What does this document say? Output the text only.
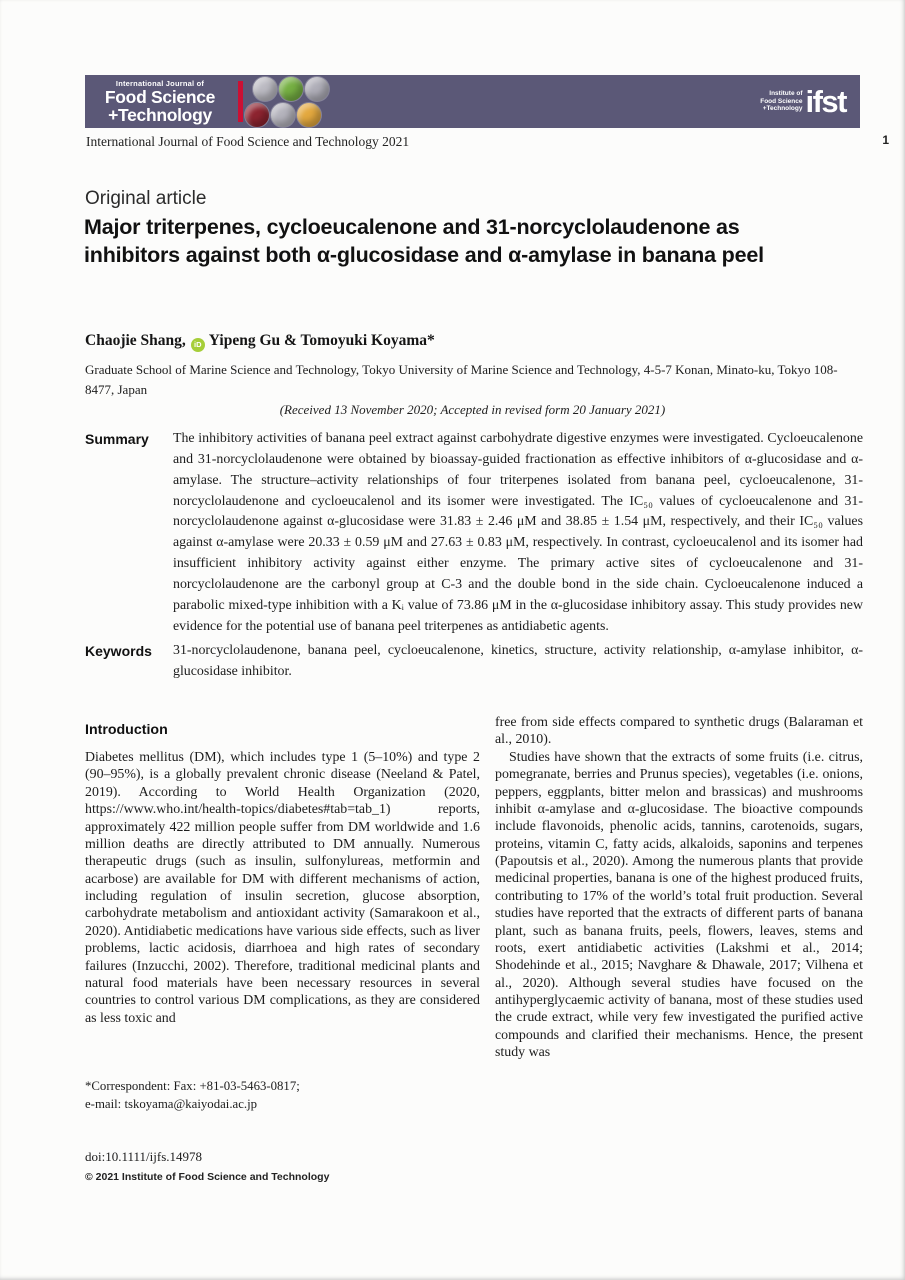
International Journal of
Food Science
+Technology
Institute of
Food Science
+Technology ifst
International Journal of Food Science and Technology 2021	1
Original article
Major triterpenes, cycloeucalenone and 31-norcyclolaudenone as inhibitors against both α-glucosidase and α-amylase in banana peel
Chaojie Shang, iD Yipeng Gu & Tomoyuki Koyama*
Graduate School of Marine Science and Technology, Tokyo University of Marine Science and Technology, 4-5-7 Konan, Minato-ku, Tokyo 108-8477, Japan
(Received 13 November 2020; Accepted in revised form 20 January 2021)
Summary	The inhibitory activities of banana peel extract against carbohydrate digestive enzymes were investigated. Cycloeucalenone and 31-norcyclolaudenone were obtained by bioassay-guided fractionation as effective inhibitors of α-glucosidase and α-amylase. The structure–activity relationships of four triterpenes isolated from banana peel, cycloeucalenone, 31-norcyclolaudenone and cycloeucalenol and its isomer were investigated. The IC₅₀ values of cycloeucalenone and 31-norcyclolaudenone against α-glucosidase were 31.83 ± 2.46 μM and 38.85 ± 1.54 μM, respectively, and their IC₅₀ values against α-amylase were 20.33 ± 0.59 μM and 27.63 ± 0.83 μM, respectively. In contrast, cycloeucalenol and its isomer had insufficient inhibitory activity against either enzyme. The primary active sites of cycloeucalenone and 31-norcyclolaudenone are the carbonyl group at C-3 and the double bond in the side chain. Cycloeucalenone induced a parabolic mixed-type inhibition with a Kᵢ value of 73.86 μM in the α-glucosidase inhibitory assay. This study provides new evidence for the potential use of banana peel triterpenes as antidiabetic agents.
Keywords	31-norcyclolaudenone, banana peel, cycloeucalenone, kinetics, structure, activity relationship, α-amylase inhibitor, α-glucosidase inhibitor.
Introduction

Diabetes mellitus (DM), which includes type 1 (5–10%) and type 2 (90–95%), is a globally prevalent chronic disease (Neeland & Patel, 2019). According to World Health Organization (2020, https://www.who.int/health-topics/diabetes#tab=tab_1) reports, approximately 422 million people suffer from DM worldwide and 1.6 million deaths are directly attributed to DM annually. Numerous therapeutic drugs (such as insulin, sulfonylureas, metformin and acarbose) are available for DM with different mechanisms of action, including regulation of insulin secretion, glucose absorption, carbohydrate metabolism and antioxidant activity (Samarakoon et al., 2020). Antidiabetic medications have various side effects, such as liver problems, lactic acidosis, diarrhoea and high rates of secondary failures (Inzucchi, 2002). Therefore, traditional medicinal plants and natural food materials have been necessary resources in several countries to control various DM complications, as they are considered as less toxic and

free from side effects compared to synthetic drugs (Balaraman et al., 2010).

Studies have shown that the extracts of some fruits (i.e. citrus, pomegranate, berries and Prunus species), vegetables (i.e. onions, peppers, eggplants, bitter melon and brassicas) and mushrooms inhibit α-amylase and α-glucosidase. The bioactive compounds include flavonoids, phenolic acids, tannins, carotenoids, sugars, proteins, vitamin C, fatty acids, alkaloids, saponins and terpenes (Papoutsis et al., 2020). Among the numerous plants that provide medicinal properties, banana is one of the highest produced fruits, contributing to 17% of the world’s total fruit production. Several studies have reported that the extracts of different parts of banana plant, such as banana fruits, peels, flowers, leaves, stems and roots, exert antidiabetic activities (Lakshmi et al., 2014; Shodehinde et al., 2015; Navghare & Dhawale, 2017; Vilhena et al., 2020). Although several studies have focused on the antihyperglycaemic activity of banana, most of these studies used the crude extract, while very few investigated the purified active compounds and clarified their mechanisms. Hence, the present study was

*Correspondent: Fax: +81-03-5463-0817;
e-mail: tskoyama@kaiyodai.ac.jp
doi:10.1111/ijfs.14978
© 2021 Institute of Food Science and Technology
